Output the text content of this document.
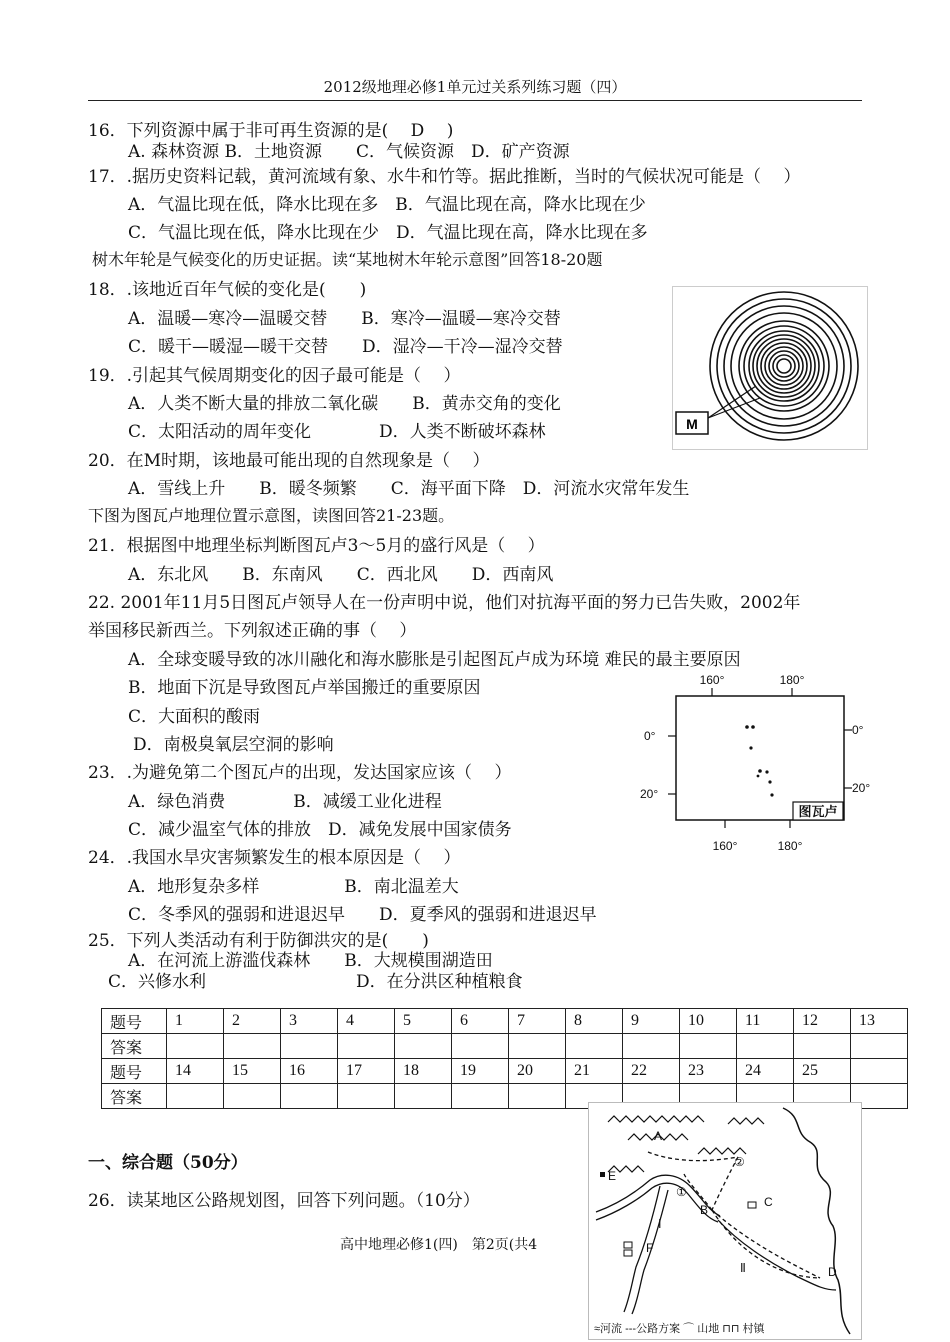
2012级地理必修1单元过关系列练习题（四）
16．下列资源中属于非可再生资源的是(　 D　 )
A. 森林资源 B．土地资源　　C．气候资源　D．矿产资源
17．.据历史资料记载，黄河流域有象、水牛和竹等。据此推断，当时的气候状况可能是（　 ）
A．气温比现在低，降水比现在多　B．气温比现在高，降水比现在少
C．气温比现在低，降水比现在少　D．气温比现在高，降水比现在多
树木年轮是气候变化的历史证据。读“某地树木年轮示意图”回答18-20题
18．.该地近百年气候的变化是(　　)
A．温暖—寒冷—温暖交替　　B．寒冷—温暖—寒冷交替
C．暖干—暖湿—暖干交替　　D．湿冷—干冷—湿冷交替
19．.引起其气候周期变化的因子最可能是（　 ）
A．人类不断大量的排放二氧化碳　　B．黄赤交角的变化
C．太阳活动的周年变化　　　　D．人类不断破坏森林
20．在M时期，该地最可能出现的自然现象是（　 ）
A．雪线上升　　B．暖冬频繁　　C．海平面下降　D．河流水灾常年发生
下图为图瓦卢地理位置示意图，读图回答21-23题。
21．根据图中地理坐标判断图瓦卢3～5月的盛行风是（　 ）
A．东北风　　B．东南风　　C．西北风　　D．西南风
22. 2001年11月5日图瓦卢领导人在一份声明中说，他们对抗海平面的努力已告失败，2002年
举国移民新西兰。下列叙述正确的事（　 ）
A．全球变暖导致的冰川融化和海水膨胀是引起图瓦卢成为环境 难民的最主要原因
B．地面下沉是导致图瓦卢举国搬迁的重要原因
C．大面积的酸雨
D．南极臭氧层空洞的影响
23．.为避免第二个图瓦卢的出现，发达国家应该（　 ）
A．绿色消费　　　　B．减缓工业化进程
C．减少温室气体的排放　D．减免发展中国家债务
24．.我国水旱灾害频繁发生的根本原因是（　 ）
A．地形复杂多样　　　　　B．南北温差大
C．冬季风的强弱和进退迟早　　D．夏季风的强弱和进退迟早
25．下列人类活动有利于防御洪灾的是(　　)
A．在河流上游滥伐森林　　B．大规模围湖造田
C．兴修水利	D．在分洪区种植粮食
题号	1	2	3	4	5	6	7	8	9	10	11	12	13
答案													
题号	14	15	16	17	18	19	20	21	22	23	24	25	
答案													
一、综合题（50分）
26．读某地区公路规划图，回答下列问题。（10分）
高中地理必修1(四)　第2页(共4
M
160°	180°
160°	180°
0°
20°
0°
20°
图瓦卢
A
B
C
D
E
F
①
②
Ⅰ
Ⅱ
≈河流 ---公路方案 ⌒ 山地 ⊓⊓ 村镇
